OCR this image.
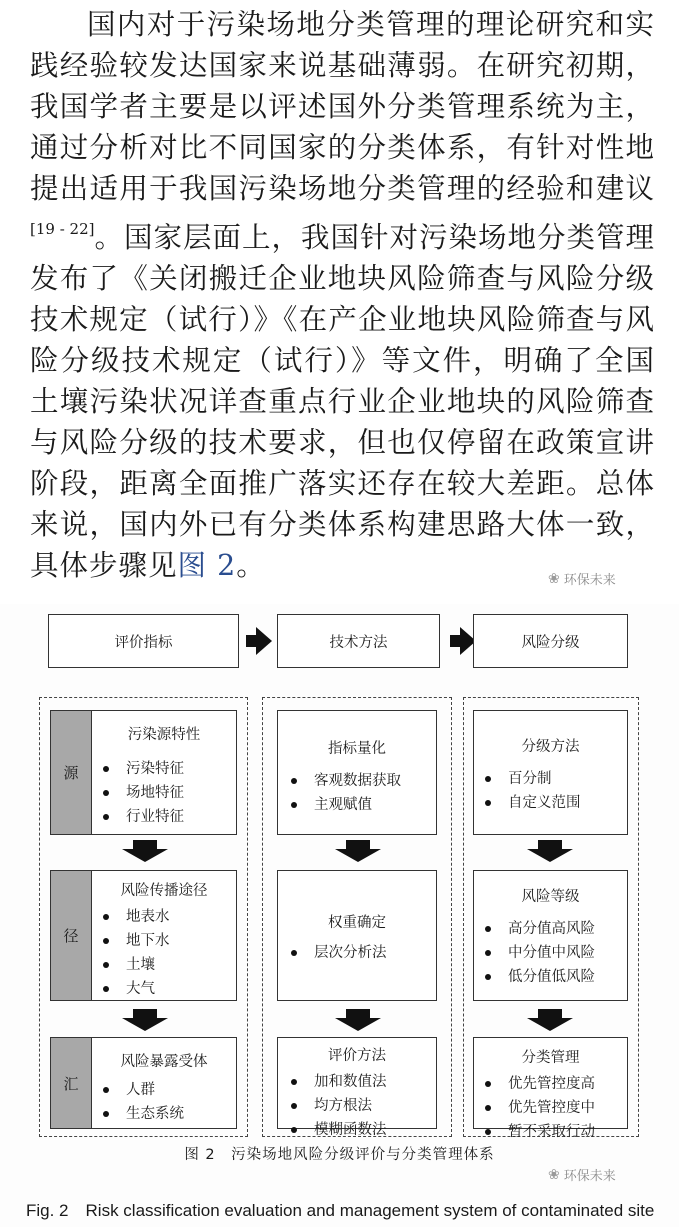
国内对于污染场地分类管理的理论研究和实践经验较发达国家来说基础薄弱。在研究初期，我国学者主要是以评述国外分类管理系统为主，通过分析对比不同国家的分类体系，有针对性地提出适用于我国污染场地分类管理的经验和建议[19 - 22]。国家层面上，我国针对污染场地分类管理发布了《关闭搬迁企业地块风险筛查与风险分级技术规定（试行）》《在产企业地块风险筛查与风险分级技术规定（试行）》等文件，明确了全国土壤污染状况详查重点行业企业地块的风险筛查与风险分级的技术要求，但也仅停留在政策宣讲阶段，距离全面推广落实还存在较大差距。总体来说，国内外已有分类体系构建思路大体一致，具体步骤见图 2。	❀ 环保未来
评价指标	技术方法	风险分级
源
污染源特性
污染特征
场地特征
行业特征
径
风险传播途径
地表水
地下水
土壤
大气
汇
风险暴露受体
人群
生态系统
指标量化
客观数据获取
主观赋值
权重确定
层次分析法
评价方法
加和数值法
均方根法
模糊函数法
分级方法
百分制
自定义范围
风险等级
高分值高风险
中分值中风险
低分值低风险
分类管理
优先管控度高
优先管控度中
暂不采取行动
图 2　污染场地风险分级评价与分类管理体系
❀ 环保未来
Fig. 2　Risk classification evaluation and management system of contaminated site
